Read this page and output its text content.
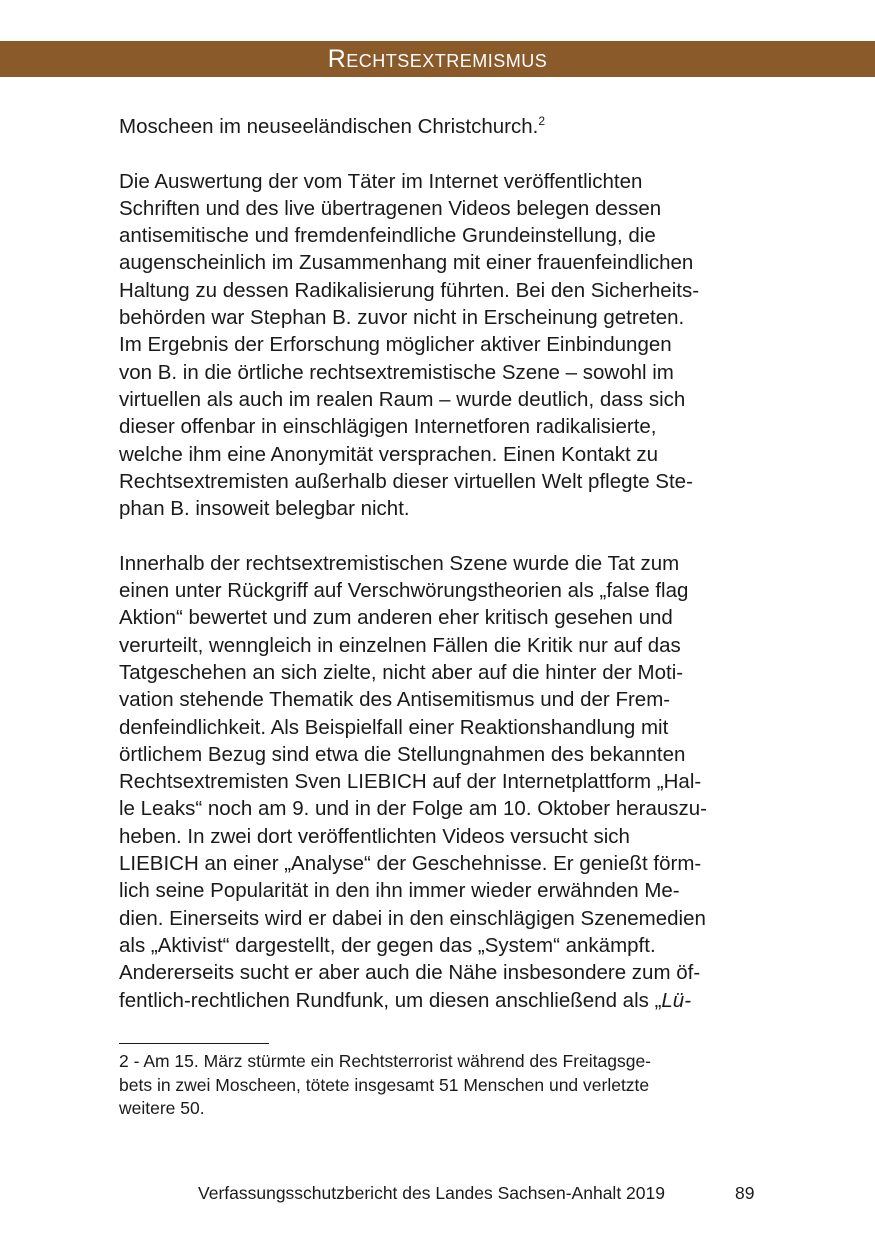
Rechtsextremismus
Moscheen im neuseeländischen Christchurch.$^2$
Die Auswertung der vom Täter im Internet veröffentlichten
Schriften und des live übertragenen Videos belegen dessen
antisemitische und fremdenfeindliche Grundeinstellung, die
augenscheinlich im Zusammenhang mit einer frauenfeindlichen
Haltung zu dessen Radikalisierung führten. Bei den Sicherheits-
behörden war Stephan B. zuvor nicht in Erscheinung getreten.
Im Ergebnis der Erforschung möglicher aktiver Einbindungen
von B. in die örtliche rechtsextremistische Szene – sowohl im
virtuellen als auch im realen Raum – wurde deutlich, dass sich
dieser offenbar in einschlägigen Internetforen radikalisierte,
welche ihm eine Anonymität versprachen. Einen Kontakt zu
Rechtsextremisten außerhalb dieser virtuellen Welt pflegte Ste-
phan B. insoweit belegbar nicht.
Innerhalb der rechtsextremistischen Szene wurde die Tat zum
einen unter Rückgriff auf Verschwörungstheorien als „false flag
Aktion“ bewertet und zum anderen eher kritisch gesehen und
verurteilt, wenngleich in einzelnen Fällen die Kritik nur auf das
Tatgeschehen an sich zielte, nicht aber auf die hinter der Moti-
vation stehende Thematik des Antisemitismus und der Frem-
denfeindlichkeit. Als Beispielfall einer Reaktionshandlung mit
örtlichem Bezug sind etwa die Stellungnahmen des bekannten
Rechtsextremisten Sven LIEBICH auf der Internetplattform „Hal-
le Leaks“ noch am 9. und in der Folge am 10. Oktober herauszu-
heben. In zwei dort veröffentlichten Videos versucht sich
LIEBICH an einer „Analyse“ der Geschehnisse. Er genießt förm-
lich seine Popularität in den ihn immer wieder erwähnden Me-
dien. Einerseits wird er dabei in den einschlägigen Szenemedien
als „Aktivist“ dargestellt, der gegen das „System“ ankämpft.
Andererseits sucht er aber auch die Nähe insbesondere zum öf-
fentlich-rechtlichen Rundfunk, um diesen anschließend als „Lü-
2 - Am 15. März stürmte ein Rechtsterrorist während des Freitagsge-
bets in zwei Moscheen, tötete insgesamt 51 Menschen und verletzte
weitere 50.
Verfassungsschutzbericht des Landes Sachsen-Anhalt 2019	89
